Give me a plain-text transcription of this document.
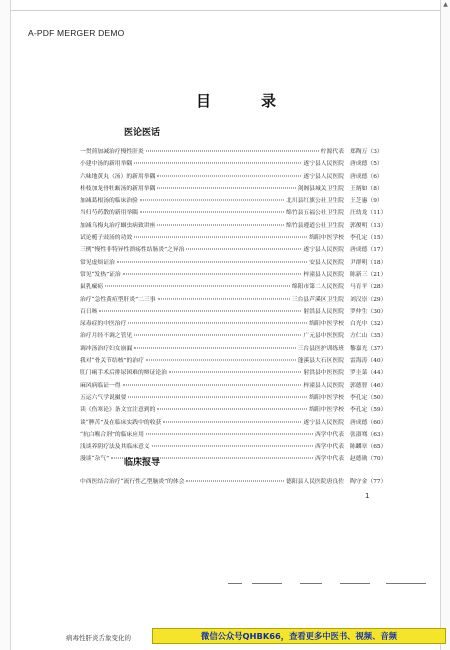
▲
A-PDF MERGER DEMO
目	录
医论医话
一贯煎加减治疗慢性肝炎	柠源代表	郑陶万（3）
小建中汤的新用举隅	遂宁县人民医院	唐成德（5）
六味地黄丸（汤）的新用举隅	遂宁县人民医院	唐成德（6）
桂枝加龙骨牡蛎汤的新用举隅	剑阁县城关卫生院	王炳如（8）
加减葛根汤的临床治验	北川县红旗公社卫生院	王芝惠（9）
当归芍药散的新用举隅	绵竹县五福公社卫生院	汪幼龙（11）
加减乌梅丸治疗蝈虫病致讲座	绵竹县遵道公社卫生院	郭俊明（13）
试论栀子豉汤的功效	绵阳中医学校	李孔定（15）
三例“慢性非特异性溃疡性结肠炎”之异治	遂宁县人民医院	唐成德（17）
常见虚烦证治	安县人民医院	尹群明（18）
常见“发热”证治	梓潼县人民医院	陈新三（21）
鼠乳瘰疬	绵阳市第二人民医院	马育平（28）
治疗“急性黄疸型肝炎”二三事	三台县芦溪区卫生院	刘汉崇（29）
百日咳	射洪县人民医院	罗仲生（30）
尿毒症的中医治疗	绵阳中医学校	白光中（32）
治疗月经不调之管见	广元县中医医院	方仁山（35）
调冲汤治疗妇女崩漏	三台县医护训练班	黎嘉光（37）
我对“骨关节结核”的治疗	蓬溪县大石区医院	雷海涛（40）
肛门痢手术后排尿困难的辩证论治	射洪县中医医院	罗圭菜（44）
麻风病临证一得	梓潼县人民医院	郭德智（46）
五运六气学说摄要	绵阳中医学校	李孔定（50）
读《伤寒论》条文宜注意到的	绵阳中医学校	李孔定（59）
谈“脾苦”及在临床实践中的收获	遂宁县人民医院	唐成德（60）
“抗白喉合剂”的临床应用	西学中代表	张淑骞（63）
浅谈养阴疗法及其临床意义	西学中代表	陈麟章（65）
漫谈“杂气”	西学中代表	赵德勋（70）
临床报导
中西医结合治疗“流行性乙型脑炎”的体会	德阳县人民医院唐良佐	陶守金（77）
1
病毒性肝炎舌象变化的	微信公众号QHBK66，查看更多中医书、视频、音频
